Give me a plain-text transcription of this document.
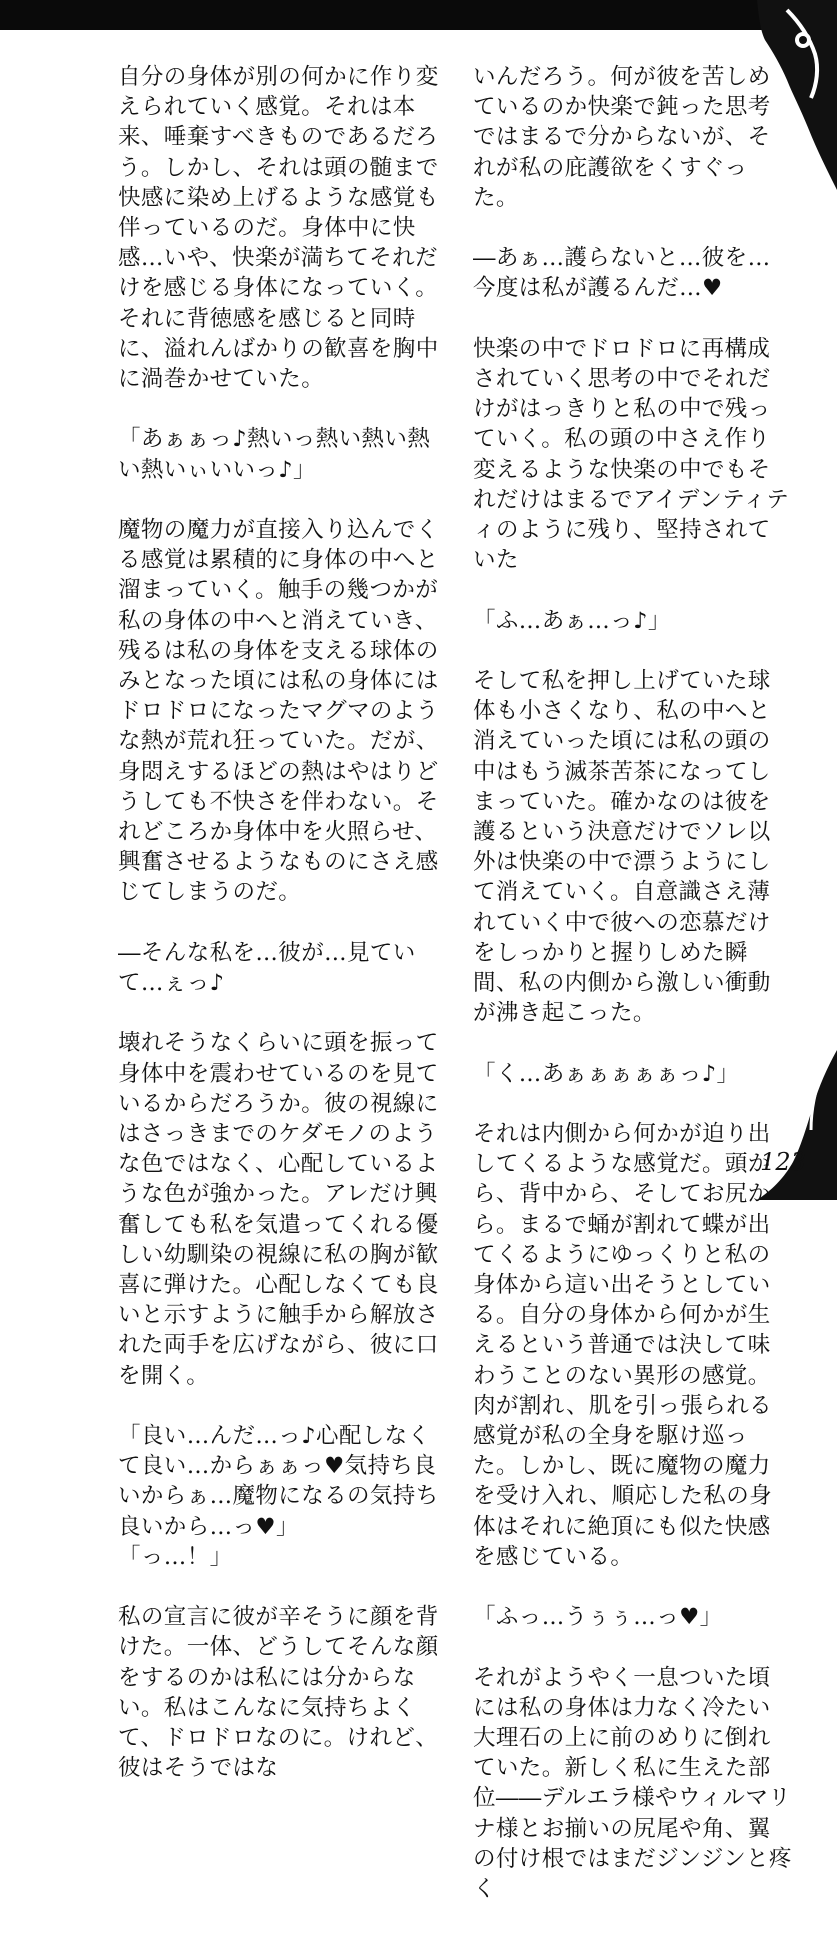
自分の身体が別の何かに作り変えられていく感覚。それは本来、唾棄すべきものであるだろう。しかし、それは頭の髄まで快感に染め上げるような感覚も伴っているのだ。身体中に快感…いや、快楽が満ちてそれだけを感じる身体になっていく。それに背徳感を感じると同時に、溢れんばかりの歓喜を胸中に渦巻かせていた。

「あぁぁっ♪熱いっ熱い熱い熱い熱いぃいいっ♪」

魔物の魔力が直接入り込んでくる感覚は累積的に身体の中へと溜まっていく。触手の幾つかが私の身体の中へと消えていき、残るは私の身体を支える球体のみとなった頃には私の身体にはドロドロになったマグマのような熱が荒れ狂っていた。だが、身悶えするほどの熱はやはりどうしても不快さを伴わない。それどころか身体中を火照らせ、興奮させるようなものにさえ感じてしまうのだ。

―そんな私を…彼が…見ていて…ぇっ♪

壊れそうなくらいに頭を振って身体中を震わせているのを見ているからだろうか。彼の視線にはさっきまでのケダモノのような色ではなく、心配しているような色が強かった。アレだけ興奮しても私を気遣ってくれる優しい幼馴染の視線に私の胸が歓喜に弾けた。心配しなくても良いと示すように触手から解放された両手を広げながら、彼に口を開く。

「良い…んだ…っ♪心配しなくて良い…からぁぁっ♥気持ち良いからぁ…魔物になるの気持ち良いから…っ♥」

「っ…！」

私の宣言に彼が辛そうに顔を背けた。一体、どうしてそんな顔をするのかは私には分からない。私はこんなに気持ちよくて、ドロドロなのに。けれど、彼はそうではな

いんだろう。何が彼を苦しめているのか快楽で鈍った思考ではまるで分からないが、それが私の庇護欲をくすぐった。

―あぁ…護らないと…彼を…今度は私が護るんだ…♥

快楽の中でドロドロに再構成されていく思考の中でそれだけがはっきりと私の中で残っていく。私の頭の中さえ作り変えるような快楽の中でもそれだけはまるでアイデンティティのように残り、堅持されていた

「ふ…あぁ…っ♪」

そして私を押し上げていた球体も小さくなり、私の中へと消えていった頃には私の頭の中はもう滅茶苦茶になってしまっていた。確かなのは彼を護るという決意だけでソレ以外は快楽の中で漂うようにして消えていく。自意識さえ薄れていく中で彼への恋慕だけをしっかりと握りしめた瞬間、私の内側から激しい衝動が沸き起こった。

「く…あぁぁぁぁぁっ♪」

それは内側から何かが迫り出してくるような感覚だ。頭から、背中から、そしてお尻から。まるで蛹が割れて蝶が出てくるようにゆっくりと私の身体から這い出そうとしている。自分の身体から何かが生えるという普通では決して味わうことのない異形の感覚。肉が割れ、肌を引っ張られる感覚が私の全身を駆け巡った。しかし、既に魔物の魔力を受け入れ、順応した私の身体はそれに絶頂にも似た快感を感じている。

「ふっ…うぅぅ…っ♥」

それがようやく一息ついた頃には私の身体は力なく冷たい大理石の上に前のめりに倒れていた。新しく私に生えた部位――デルエラ様やウィルマリナ様とお揃いの尻尾や角、翼の付け根ではまだジンジンと疼く

123
